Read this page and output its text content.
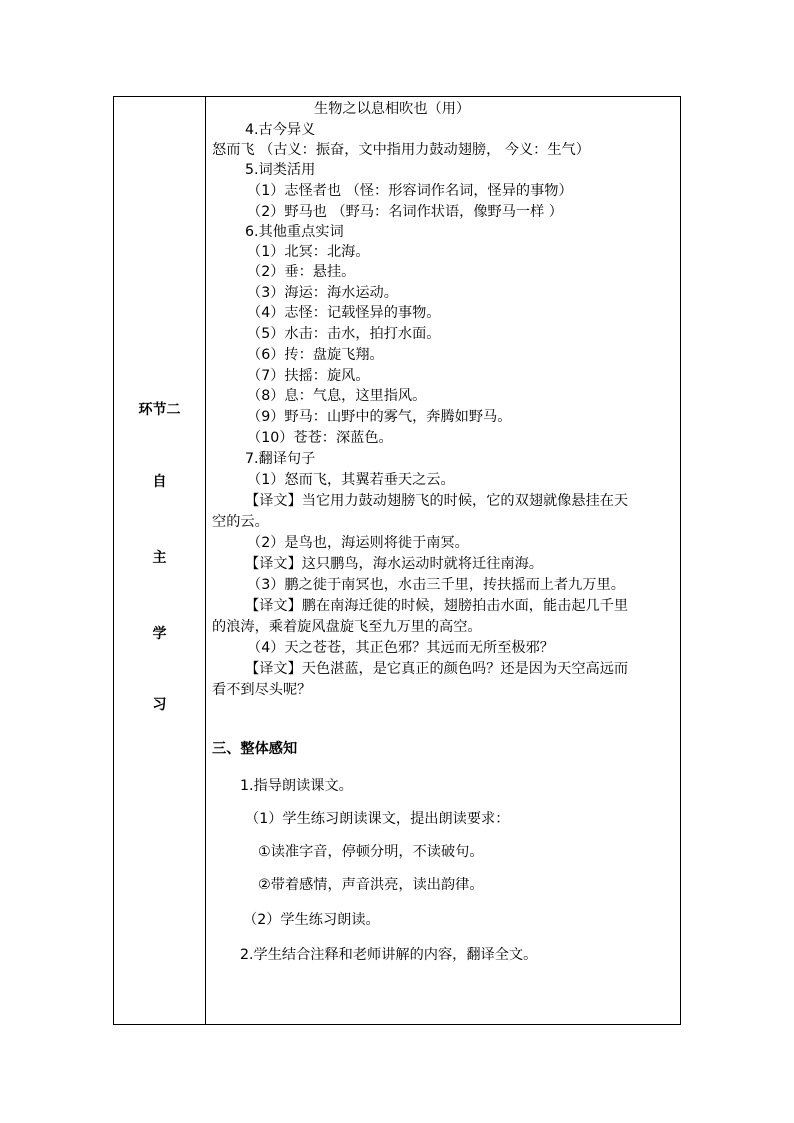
环节二
自
主
学
习
生物之以息相吹也（用）
4.古今异义
怒而飞 （古义：振奋，文中指用力鼓动翅膀， 今义：生气）
5.词类活用
（1）志怪者也 （怪：形容词作名词，怪异的事物）
（2）野马也 （野马：名词作状语，像野马一样 ）
6.其他重点实词
（1）北冥：北海。
（2）垂：悬挂。
（3）海运：海水运动。
（4）志怪：记载怪异的事物。
（5）水击：击水，拍打水面。
（6）抟：盘旋飞翔。
（7）扶摇：旋风。
（8）息：气息，这里指风。
（9）野马：山野中的雾气，奔腾如野马。
（10）苍苍：深蓝色。
7.翻译句子
（1）怒而飞，其翼若垂天之云。
【译文】当它用力鼓动翅膀飞的时候，它的双翅就像悬挂在天
空的云。
（2）是鸟也，海运则将徙于南冥。
【译文】这只鹏鸟，海水运动时就将迁往南海。
（3）鹏之徙于南冥也，水击三千里，抟扶摇而上者九万里。
【译文】鹏在南海迁徙的时候，翅膀拍击水面，能击起几千里
的浪涛，乘着旋风盘旋飞至九万里的高空。
（4）天之苍苍，其正色邪？其远而无所至极邪？
【译文】天色湛蓝，是它真正的颜色吗？还是因为天空高远而
看不到尽头呢？
三、整体感知
1.指导朗读课文。
（1）学生练习朗读课文，提出朗读要求：
①读准字音，停顿分明，不读破句。
②带着感情，声音洪亮，读出韵律。
（2）学生练习朗读。
2.学生结合注释和老师讲解的内容，翻译全文。
